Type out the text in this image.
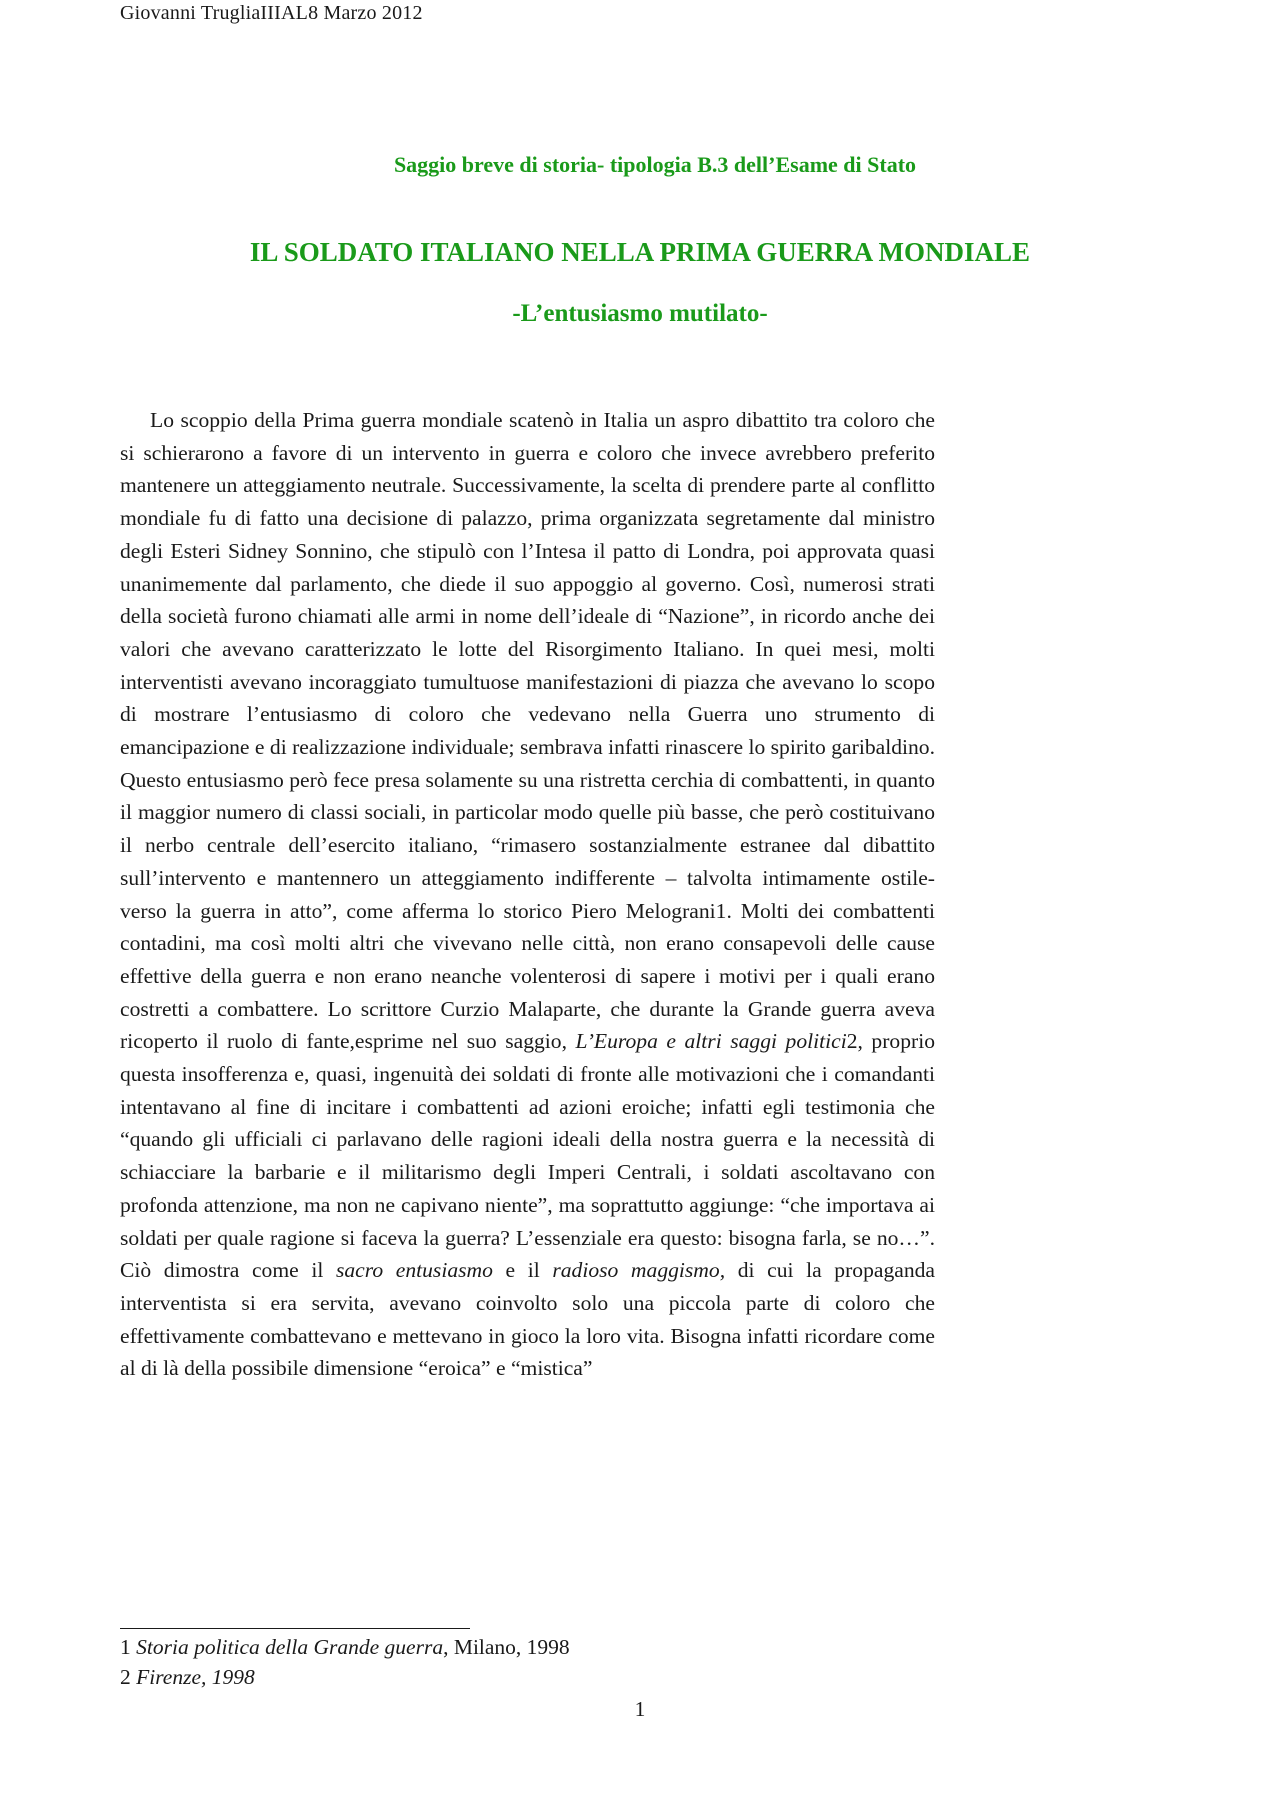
Giovanni TrugliaIIIAL8 Marzo 2012
Saggio breve di storia- tipologia B.3 dell’Esame di Stato
IL SOLDATO ITALIANO NELLA PRIMA GUERRA MONDIALE
-L’entusiasmo mutilato-

Lo scoppio della Prima guerra mondiale scatenò in Italia un aspro dibattito tra coloro che si schierarono a favore di un intervento in guerra e coloro che invece avrebbero preferito mantenere un atteggiamento neutrale. Successivamente, la scelta di prendere parte al conflitto mondiale fu di fatto una decisione di palazzo, prima organizzata segretamente dal ministro degli Esteri Sidney Sonnino, che stipulò con l’Intesa il patto di Londra, poi approvata quasi unanimemente dal parlamento, che diede il suo appoggio al governo. Così, numerosi strati della società furono chiamati alle armi in nome dell’ideale di “Nazione”, in ricordo anche dei valori che avevano caratterizzato le lotte del Risorgimento Italiano. In quei mesi, molti interventisti avevano incoraggiato tumultuose manifestazioni di piazza che avevano lo scopo di mostrare l’entusiasmo di coloro che vedevano nella Guerra uno strumento di emancipazione e di realizzazione individuale; sembrava infatti rinascere lo spirito garibaldino. Questo entusiasmo però fece presa solamente su una ristretta cerchia di combattenti, in quanto il maggior numero di classi sociali, in particolar modo quelle più basse, che però costituivano il nerbo centrale dell’esercito italiano, “rimasero sostanzialmente estranee dal dibattito sull’intervento e mantennero un atteggiamento indifferente – talvolta intimamente ostile- verso la guerra in atto”, come afferma lo storico Piero Melograni1. Molti dei combattenti contadini, ma così molti altri che vivevano nelle città, non erano consapevoli delle cause effettive della guerra e non erano neanche volenterosi di sapere i motivi per i quali erano costretti a combattere. Lo scrittore Curzio Malaparte, che durante la Grande guerra aveva ricoperto il ruolo di fante,esprime nel suo saggio, L’Europa e altri saggi politici2, proprio questa insofferenza e, quasi, ingenuità dei soldati di fronte alle motivazioni che i comandanti intentavano al fine di incitare i combattenti ad azioni eroiche; infatti egli testimonia che “quando gli ufficiali ci parlavano delle ragioni ideali della nostra guerra e la necessità di schiacciare la barbarie e il militarismo degli Imperi Centrali, i soldati ascoltavano con profonda attenzione, ma non ne capivano niente”, ma soprattutto aggiunge: “che importava ai soldati per quale ragione si faceva la guerra? L’essenziale era questo: bisogna farla, se no…”. Ciò dimostra come il sacro entusiasmo e il radioso maggismo, di cui la propaganda interventista si era servita, avevano coinvolto solo una piccola parte di coloro che effettivamente combattevano e mettevano in gioco la loro vita. Bisogna infatti ricordare come al di là della possibile dimensione “eroica” e “mistica”

1 Storia politica della Grande guerra, Milano, 1998
2 Firenze, 1998
1
